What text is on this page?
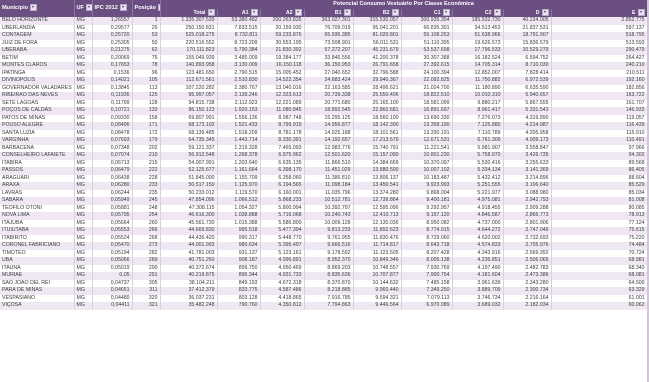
Município	UF	IPC 2012	Posição	Potencial Consumo Vestuário Por Classe Econômica								
				Total	A1	A2	B1	B2	C1	C2	D	E
BELO HORIZONTE	MG	1,26557	1	1.335.307.539	53.380.482	200.263.835	363.027.301	315.530.057	300.935.354	185.532.730	40.224.005	2.852.775
UBERLÂNDIA	MG	0,29577	26	250.150.831	7.833.515	20.159.930	76.709.019	95.041.201	66.835.301	34.513.453	21.837.531	597.137
CONTAGEM	MG	0,25720	53	525.018.275	8.732.811	59.233.876	65.936.385	81.020.801	55.108.253	51.638.966	18.791.907	518.795
JUIZ DE FORA	MG	0,25305	50	220.516.552	8.723.209	30.553.195	73.508.901	56.011.531	51.110.395	19.626.573	15.836.579	513.593
UBERABA	MG	0,21275	62	170.111.823	5.790.384	21.830.392	57.272.207	45.231.679	53.537.698	17.796.533	10.529.279	290.479
BETIM	MG	0,20069	75	155.049.939	3.485.009	19.384.177	33.846.556	41.200.378	30.307.388	16.182.524	6.594.752	264.427
MONTES CLAROS	MG	0,17653	78	140.893.958	3.130.009	16.150.118	36.150.953	26.791.658	27.392.615	14.705.314	8.710.030	240.210
IPATINGA	MG	0,1536	96	123.481.650	2.790.515	15.005.452	27.040.652	32.796.588	24.100.394	12.852.007	7.828.414	210.511
DIVINÓPOLIS	MG	0,14021	105	112.671.561	2.510.830	14.522.354	24.683.424	29.940.367	22.092.825	11.750.882	6.972.539	192.160
GOVERNADOR VALADARES	MG	0,13845	113	107.220.282	2.380.767	13.040.016	22.163.585	28.496.621	21.024.700	11.180.890	6.635.590	182.856
RIBEIRÃO DAS NEVES	MG	0,11936	125	95.997.057	2.139.246	12.323.613	20.739.338	25.550.406	18.822.510	10.010.310	5.940.657	163.722
SETE LAGOAS	MG	0,11799	128	94.815.738	2.112.923	12.221.089	20.771.680	25.165.100	18.581.099	9.880.217	5.867.555	161.707
POÇOS DE CALDAS	MG	0,10721	133	86.150.123	1.920.153	11.080.845	18.892.545	22.860.681	16.891.697	8.961.417	5.331.543	146.933
PATOS DE MINAS	MG	0,09330	158	69.807.991	1.556.136	8.987.748	15.295.125	18.560.100	13.690.330	7.276.073	4.319.890	119.057
POUSO ALEGRE	MG	0,08496	171	68.173.102	1.521.433	8.799.919	14.956.877	18.142.300	13.358.190	7.125.880	4.214.987	116.439
SANTA LUZIA	MG	0,08478	172	68.139.485	1.518.209	8.781.178	14.925.188	18.101.561	13.330.191	7.110.789	4.205.958	115.910
VARGINHA	MG	0,07693	179	64.735.345	1.443.714	8.330.391	14.192.657	17.213.579	12.671.531	6.761.309	4.009.173	110.491
BARBACENA	MG	0,07348	202	59.121.337	1.319.328	7.465.093	12.983.776	15.740.791	11.221.541	5.981.907	3.558.847	97.966
CONSELHEIRO LAFAIETE	MG	0,07074	210	56.912.548	1.268.378	6.975.962	12.501.620	15.157.090	10.801.230	5.758.970	3.426.735	94.302
ITABIRA	MG	0,06713	215	54.007.991	1.203.640	6.635.135	11.866.510	14.384.669	10.370.097	5.530.416	3.255.633	89.568
PASSOS	MG	0,06479	222	52.125.677	1.161.664	6.398.170	11.451.029	13.880.500	10.007.102	5.334.134	3.141.369	86.405
ARAGUARI	MG	0,06438	228	51.845.000	1.155.709	6.358.060	11.386.810	13.806.137	10.183.487	5.432.412	3.214.896	88.604
ARAXÁ	MG	0,06280	233	50.517.150	1.125.970	6.194.565	11.098.184	13.450.541	9.923.993	5.251.555	3.106.640	85.529
LAVRAS	MG	0,06244	235	50.233.012	1.119.570	6.160.001	11.035.796	13.374.280	9.868.004	5.221.977	3.088.980	85.034
SABARÁ	MG	0,05949	245	47.854.096	1.066.512	5.868.233	10.512.781	12.739.864	9.400.181	4.975.081	2.942.793	81.008
TEÓFILO OTONI	MG	0,05881	248	47.308.115	1.054.327	5.800.994	10.392.797	12.595.096	9.292.957	4.918.455	2.909.288	80.085
NOVA LIMA	MG	0,05795	254	46.616.300	1.038.888	5.716.068	10.240.743	12.410.713	9.157.120	4.846.587	2.866.773	78.913
ITAJUBÁ	MG	0,05664	260	45.561.730	1.015.388	5.586.800	10.009.128	12.130.036	8.950.082	4.737.000	2.801.906	77.124
ITUIUTABA	MG	0,05553	266	44.669.830	995.518	5.477.394	9.813.233	11.892.623	8.774.915	4.644.272	2.747.046	75.615
ITABIRITO	MG	0,05524	268	44.436.420	990.317	5.448.770	9.761.955	11.830.476	8.729.060	4.620.002	2.732.693	75.220
CORONEL FABRICIANO	MG	0,05470	273	44.001.993	980.634	5.395.497	9.666.516	11.714.817	8.643.718	4.574.833	2.705.976	74.484
TIMÓTEO	MG	0,05194	282	41.781.003	931.137	5.123.161	9.178.592	11.123.505	8.207.428	4.343.916	2.569.392	70.724
UBÁ	MG	0,05066	289	40.751.260	908.187	4.996.891	8.952.370	10.849.346	8.005.138	4.236.851	2.506.065	68.981
ITAÚNA	MG	0,05019	290	40.372.674	899.750	4.950.469	8.869.203	10.748.557	7.930.769	4.197.490	2.482.783	68.340
MURIAÉ	MG	0,05	291	40.219.875	896.344	4.931.733	8.835.636	10.707.877	7.900.754	4.181.604	2.473.386	68.081
SÃO JOÃO DEL REI	MG	0,04737	305	38.104.211	849.193	4.672.318	8.370.870	10.144.632	7.485.158	3.961.639	2.343.280	64.500
PARÁ DE MINAS	MG	0,04651	311	37.412.379	833.775	4.587.486	8.218.885	9.960.440	7.349.250	3.889.709	2.300.734	63.329
VESPASIANO	MG	0,04480	320	36.037.231	803.128	4.418.865	7.916.785	9.594.321	7.079.113	3.746.734	2.216.164	61.001
VIÇOSA	MG	0,04411	321	35.482.248	790.760	4.350.812	7.794.863	9.446.564	6.970.089	3.689.032	2.182.034	60.062
